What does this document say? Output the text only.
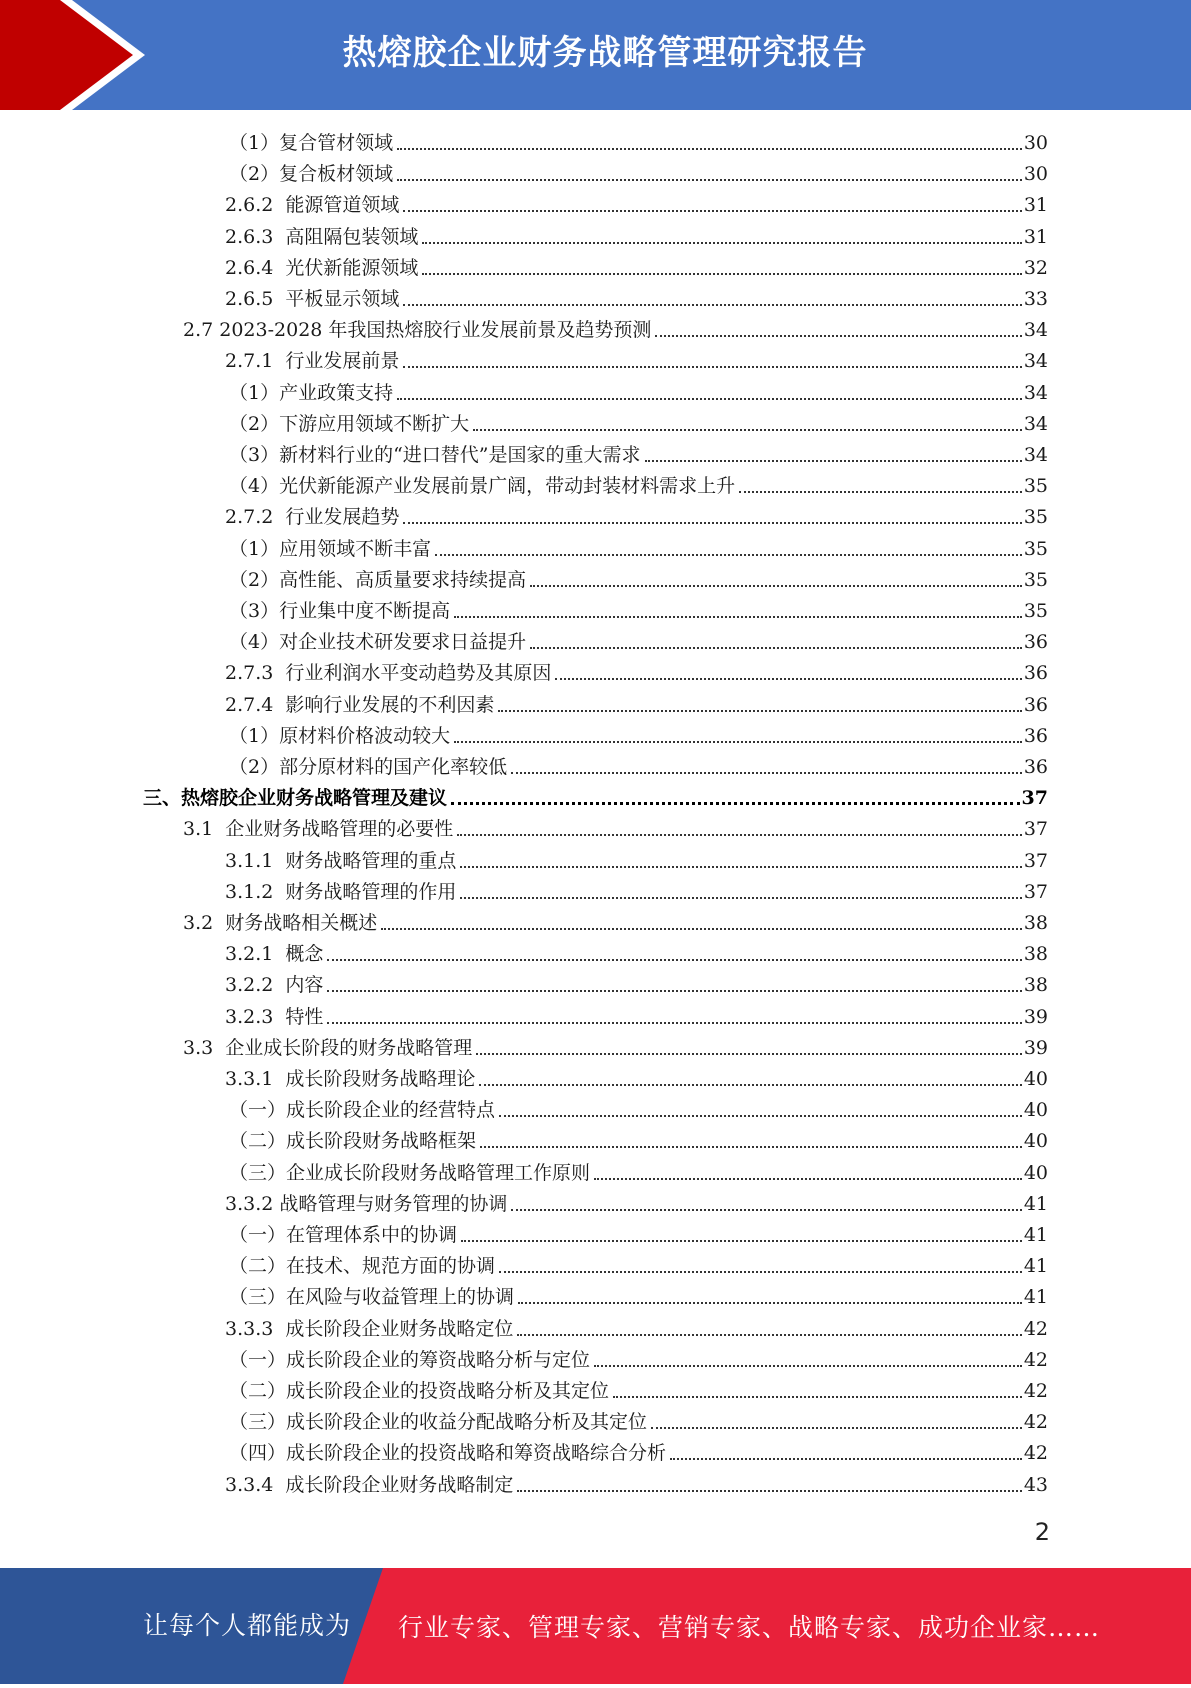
热熔胶企业财务战略管理研究报告
（1）复合管材领域	30
（2）复合板材领域	30
2.6.2  能源管道领域	31
2.6.3  高阻隔包装领域	31
2.6.4  光伏新能源领域	32
2.6.5  平板显示领域	33
2.7 2023-2028 年我国热熔胶行业发展前景及趋势预测	34
2.7.1  行业发展前景	34
（1）产业政策支持	34
（2）下游应用领域不断扩大	34
（3）新材料行业的“进口替代”是国家的重大需求	34
（4）光伏新能源产业发展前景广阔，带动封装材料需求上升	35
2.7.2  行业发展趋势	35
（1）应用领域不断丰富	35
（2）高性能、高质量要求持续提高	35
（3）行业集中度不断提高	35
（4）对企业技术研发要求日益提升	36
2.7.3  行业利润水平变动趋势及其原因	36
2.7.4  影响行业发展的不利因素	36
（1）原材料价格波动较大	36
（2）部分原材料的国产化率较低	36
三、热熔胶企业财务战略管理及建议	37
3.1  企业财务战略管理的必要性	37
3.1.1  财务战略管理的重点	37
3.1.2  财务战略管理的作用	37
3.2  财务战略相关概述	38
3.2.1  概念	38
3.2.2  内容	38
3.2.3  特性	39
3.3  企业成长阶段的财务战略管理	39
3.3.1  成长阶段财务战略理论	40
（一）成长阶段企业的经营特点	40
（二）成长阶段财务战略框架	40
（三）企业成长阶段财务战略管理工作原则	40
3.3.2 战略管理与财务管理的协调	41
（一）在管理体系中的协调	41
（二）在技术、规范方面的协调	41
（三）在风险与收益管理上的协调	41
3.3.3  成长阶段企业财务战略定位	42
（一）成长阶段企业的筹资战略分析与定位	42
（二）成长阶段企业的投资战略分析及其定位	42
（三）成长阶段企业的收益分配战略分析及其定位	42
（四）成长阶段企业的投资战略和筹资战略综合分析	42
3.3.4  成长阶段企业财务战略制定	43
2
让每个人都能成为 行业专家、管理专家、营销专家、战略专家、成功企业家……
